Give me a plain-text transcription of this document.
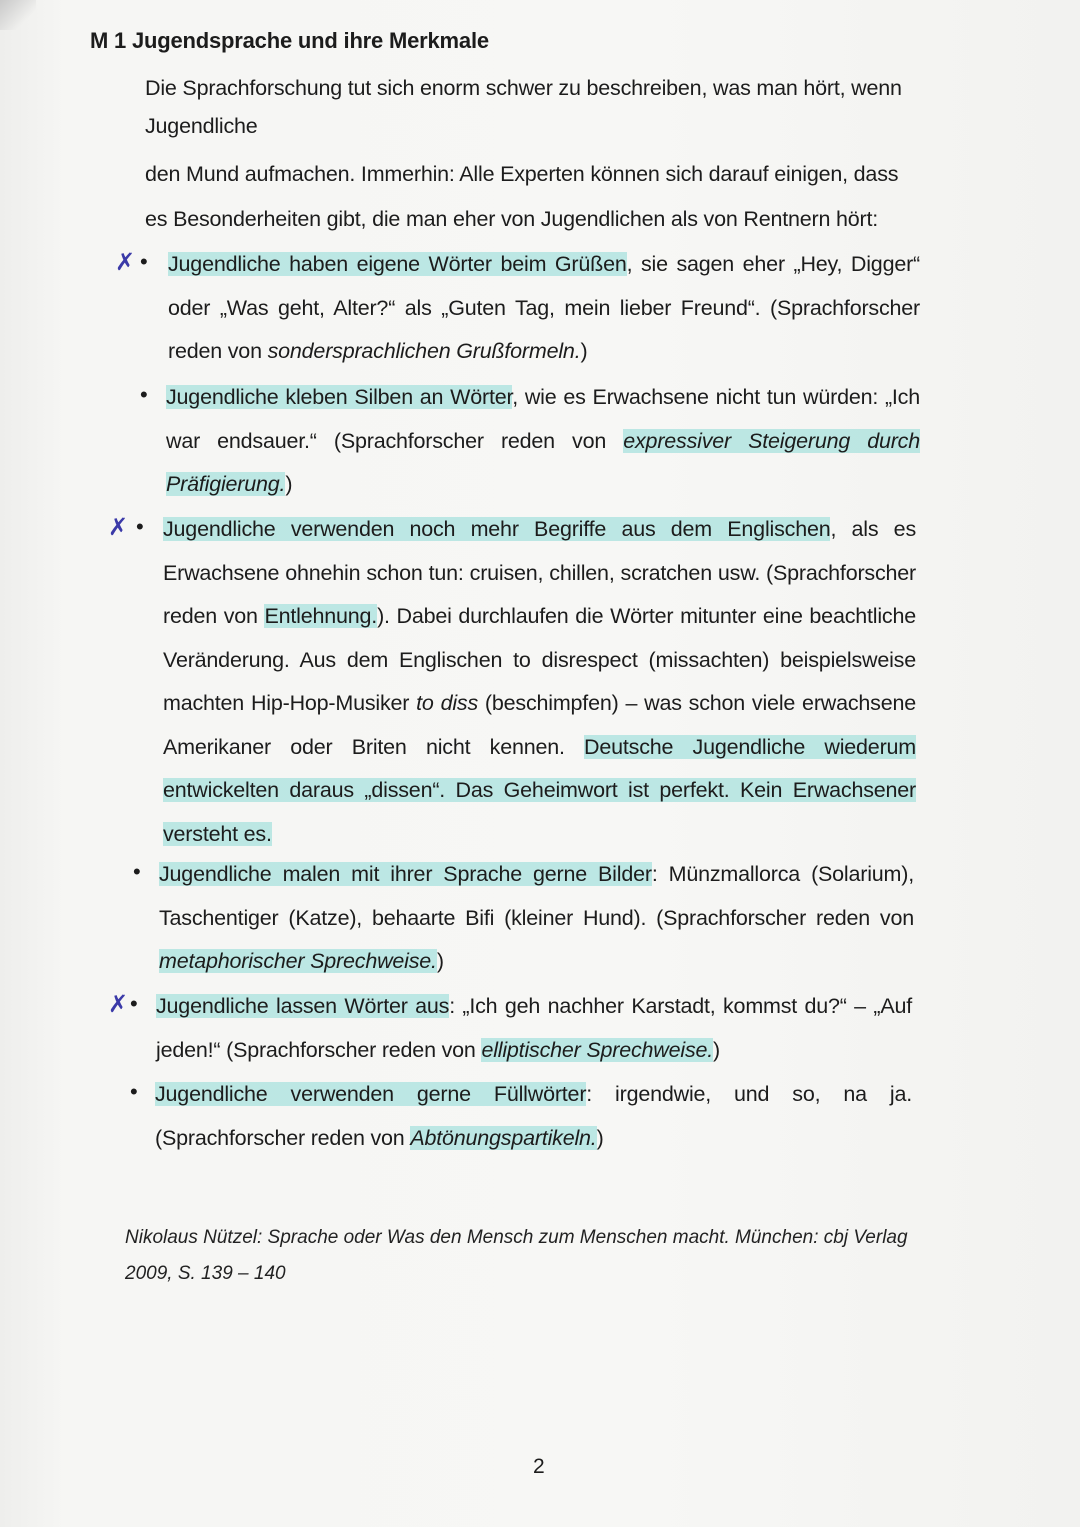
M 1 Jugendsprache und ihre Merkmale
Die Sprachforschung tut sich enorm schwer zu beschreiben, was man hört, wenn
Jugendliche
den Mund aufmachen. Immerhin: Alle Experten können sich darauf einigen, dass
es Besonderheiten gibt, die man eher von Jugendlichen als von Rentnern hört:
✗ • Jugendliche haben eigene Wörter beim Grüßen, sie sagen eher „Hey, Digger“ oder „Was geht, Alter?“ als „Guten Tag, mein lieber Freund“. (Sprachforscher reden von sondersprachlichen Grußformeln.)
• Jugendliche kleben Silben an Wörter, wie es Erwachsene nicht tun würden: „Ich war endsauer.“ (Sprachforscher reden von expressiver Steigerung durch Präfigierung.)
✗ • Jugendliche verwenden noch mehr Begriffe aus dem Englischen, als es Erwachsene ohnehin schon tun: cruisen, chillen, scratchen usw. (Sprachforscher reden von Entlehnung.). Dabei durchlaufen die Wörter mitunter eine beachtliche Veränderung. Aus dem Englischen to disrespect (missachten) beispielsweise machten Hip-Hop-Musiker to diss (beschimpfen) – was schon viele erwachsene Amerikaner oder Briten nicht kennen. Deutsche Jugendliche wiederum entwickelten daraus „dissen“. Das Geheimwort ist perfekt. Kein Erwachsener versteht es.
• Jugendliche malen mit ihrer Sprache gerne Bilder: Münzmallorca (Solarium), Taschentiger (Katze), behaarte Bifi (kleiner Hund). (Sprachforscher reden von metaphorischer Sprechweise.)
✗ • Jugendliche lassen Wörter aus: „Ich geh nachher Karstadt, kommst du?“ – „Auf jeden!“ (Sprachforscher reden von elliptischer Sprechweise.)
• Jugendliche verwenden gerne Füllwörter: irgendwie, und so, na ja. (Sprachforscher reden von Abtönungspartikeln.)
Nikolaus Nützel: Sprache oder Was den Mensch zum Menschen macht. München: cbj Verlag 2009, S. 139 – 140
2
